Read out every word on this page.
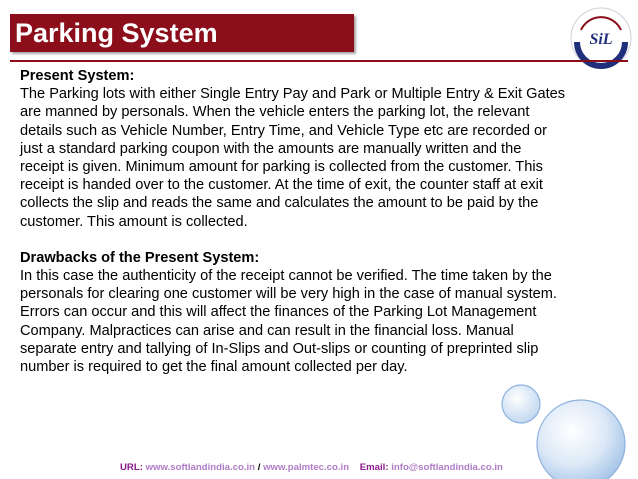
Parking System	SiL
Present System:
The Parking lots with either Single Entry Pay and Park or Multiple Entry & Exit Gates
are manned by personals. When the vehicle enters the parking lot, the relevant
details such as Vehicle Number, Entry Time, and Vehicle Type etc are recorded or
just a standard parking coupon with the amounts are manually written and the
receipt is given. Minimum amount for parking is collected from the customer. This
receipt is handed over to the customer. At the time of exit, the counter staff at exit
collects the slip and reads the same and calculates the amount to be paid by the
customer. This amount is collected.
Drawbacks of the Present System:
In this case the authenticity of the receipt cannot be verified. The time taken by the
personals for clearing one customer will be very high in the case of manual system.
Errors can occur and this will affect the finances of the Parking Lot Management
Company. Malpractices can arise and can result in the financial loss. Manual
separate entry and tallying of In-Slips and Out-slips or counting of preprinted slip
number is required to get the final amount collected per day.
URL: www.softlandindia.co.in / www.palmtec.co.in Email: info@softlandindia.co.in
